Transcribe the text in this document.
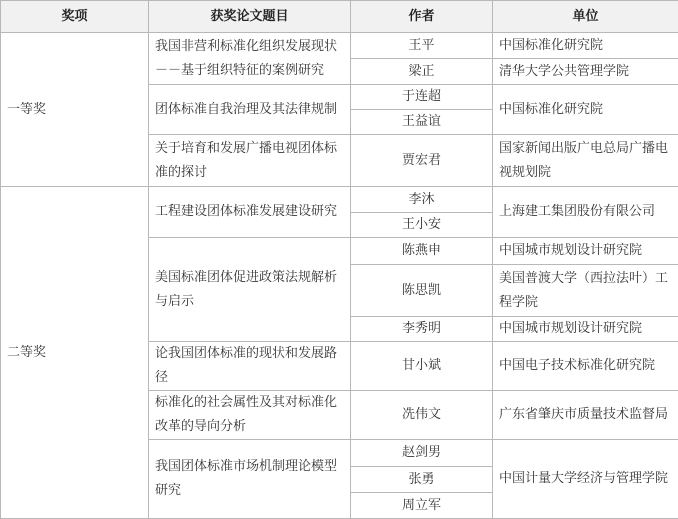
奖项	获奖论文题目	作者	单位
一等奖	我国非营利标准化组织发展现状－－基于组织特征的案例研究	王平	中国标准化研究院
		梁正	清华大学公共管理学院
	团体标准自我治理及其法律规制	于连超	中国标准化研究院
		王益谊	
	关于培育和发展广播电视团体标准的探讨	贾宏君	国家新闻出版广电总局广播电视规划院

二等奖	工程建设团体标准发展建设研究	李沐	上海建工集团股份有限公司
		王小安	
	美国标准团体促进政策法规解析与启示	陈燕申	中国城市规划设计研究院
		陈思凯	美国普渡大学（西拉法叶）工程学院

		李秀明	中国城市规划设计研究院
	论我国团体标准的现状和发展路径	甘小斌	中国电子技术标准化研究院
	标准化的社会属性及其对标准化改革的导向分析	冼伟文	广东省肇庆市质量技术监督局

	我国团体标准市场机制理论模型研究	赵剑男	中国计量大学经济与管理学院
		张勇	
		周立军	
